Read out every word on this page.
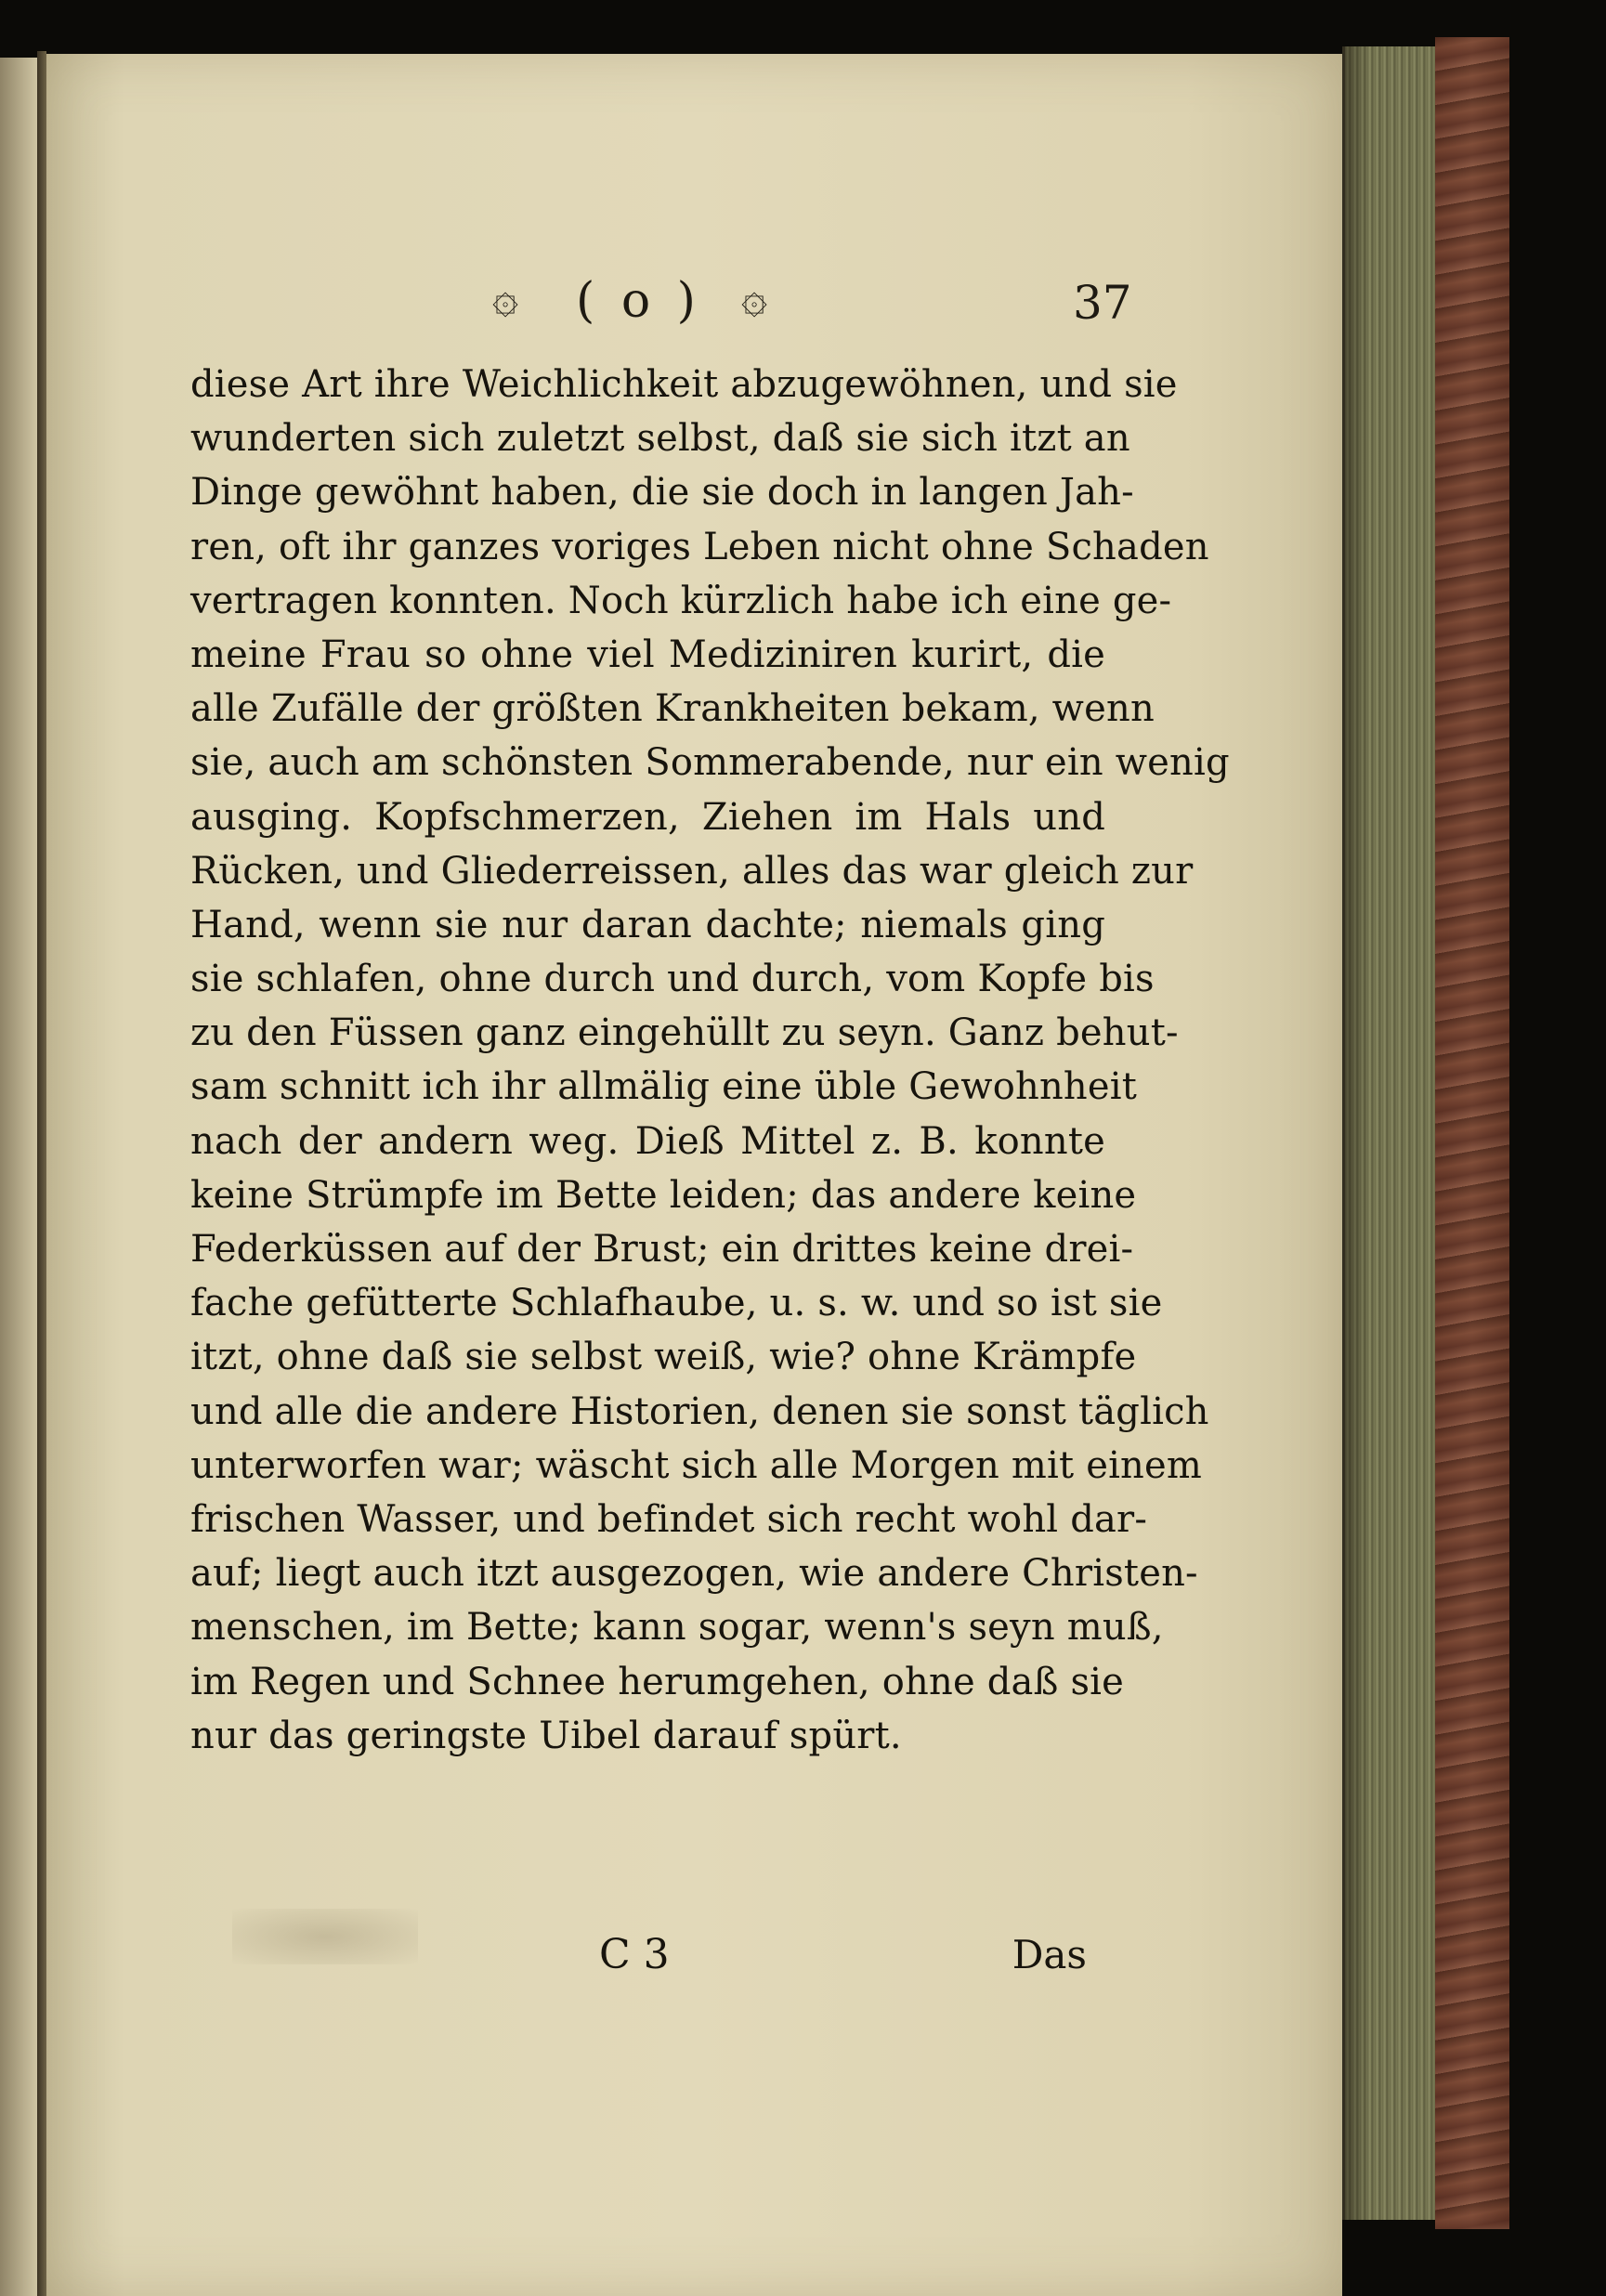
۞ ( o ) ۞	37
diese Art ihre Weichlichkeit abzugewöhnen, und sie
wunderten sich zuletzt selbst, daß sie sich itzt an
Dinge gewöhnt haben, die sie doch in langen Jah-
ren, oft ihr ganzes voriges Leben nicht ohne Schaden
vertragen konnten. Noch kürzlich habe ich eine ge-
meine Frau so ohne viel Mediziniren kurirt, die
alle Zufälle der größten Krankheiten bekam, wenn
sie, auch am schönsten Sommerabende, nur ein wenig
ausging. Kopfschmerzen, Ziehen im Hals und
Rücken, und Gliederreissen, alles das war gleich zur
Hand, wenn sie nur daran dachte; niemals ging
sie schlafen, ohne durch und durch, vom Kopfe bis
zu den Füssen ganz eingehüllt zu seyn. Ganz behut-
sam schnitt ich ihr allmälig eine üble Gewohnheit
nach der andern weg. Dieß Mittel z. B. konnte
keine Strümpfe im Bette leiden; das andere keine
Federküssen auf der Brust; ein drittes keine drei-
fache gefütterte Schlafhaube, u. s. w. und so ist sie
itzt, ohne daß sie selbst weiß, wie? ohne Krämpfe
und alle die andere Historien, denen sie sonst täglich
unterworfen war; wäscht sich alle Morgen mit einem
frischen Wasser, und befindet sich recht wohl dar-
auf; liegt auch itzt ausgezogen, wie andere Christen-
menschen, im Bette; kann sogar, wenn's seyn muß,
im Regen und Schnee herumgehen, ohne daß sie
nur das geringste Uibel darauf spürt.
C 3	Das
